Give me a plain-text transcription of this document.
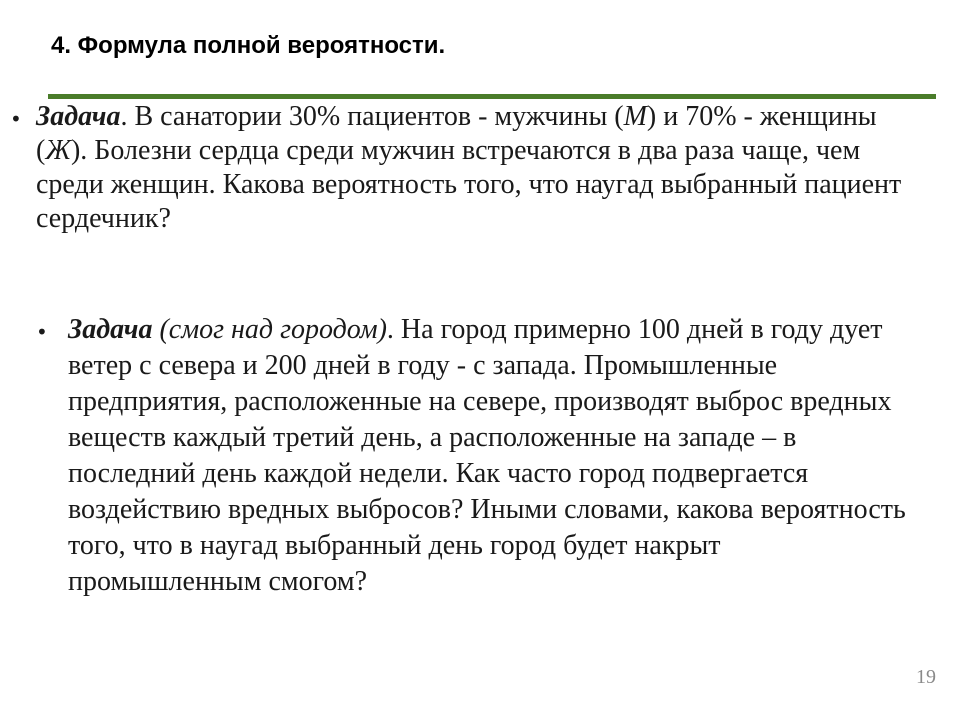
4. Формула полной вероятности.
• Задача. В санатории 30% пациентов - мужчины (М) и 70% - женщины (Ж). Болезни сердца среди мужчин встречаются в два раза чаще, чем среди женщин. Какова вероятность того, что наугад выбранный пациент сердечник?

• Задача (смог над городом). На город примерно 100 дней в году дует ветер с севера и 200 дней в году - с запада. Промышленные предприятия, расположенные на севере, производят выброс вредных веществ каждый третий день, а расположенные на западе – в последний день каждой недели. Как часто город подвергается воздействию вредных выбросов? Иными словами, какова вероятность того, что в наугад выбранный день город будет накрыт промышленным смогом?

19
